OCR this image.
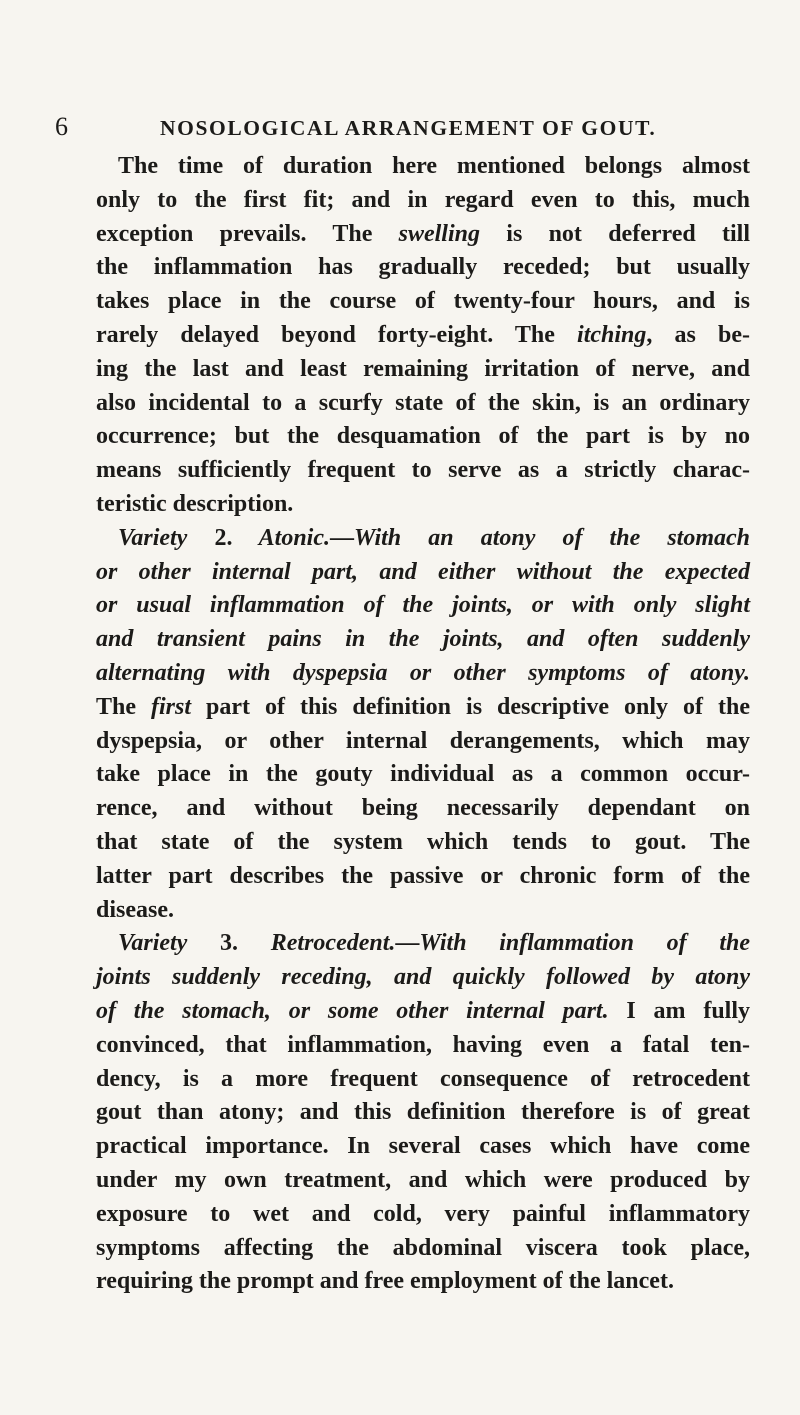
6	NOSOLOGICAL ARRANGEMENT OF GOUT.
The time of duration here mentioned belongs almost
only to the first fit; and in regard even to this, much
exception prevails. The swelling is not deferred till
the inflammation has gradually receded; but usually
takes place in the course of twenty-four hours, and is
rarely delayed beyond forty-eight. The itching, as be-
ing the last and least remaining irritation of nerve, and
also incidental to a scurfy state of the skin, is an ordinary
occurrence; but the desquamation of the part is by no
means sufficiently frequent to serve as a strictly charac-
teristic description.
Variety 2. Atonic.—With an atony of the stomach
or other internal part, and either without the expected
or usual inflammation of the joints, or with only slight
and transient pains in the joints, and often suddenly
alternating with dyspepsia or other symptoms of atony.
The first part of this definition is descriptive only of the
dyspepsia, or other internal derangements, which may
take place in the gouty individual as a common occur-
rence, and without being necessarily dependant on
that state of the system which tends to gout. The
latter part describes the passive or chronic form of the
disease.
Variety 3. Retrocedent.—With inflammation of the
joints suddenly receding, and quickly followed by atony
of the stomach, or some other internal part. I am fully
convinced, that inflammation, having even a fatal ten-
dency, is a more frequent consequence of retrocedent
gout than atony; and this definition therefore is of great
practical importance. In several cases which have come
under my own treatment, and which were produced by
exposure to wet and cold, very painful inflammatory
symptoms affecting the abdominal viscera took place,
requiring the prompt and free employment of the lancet.
